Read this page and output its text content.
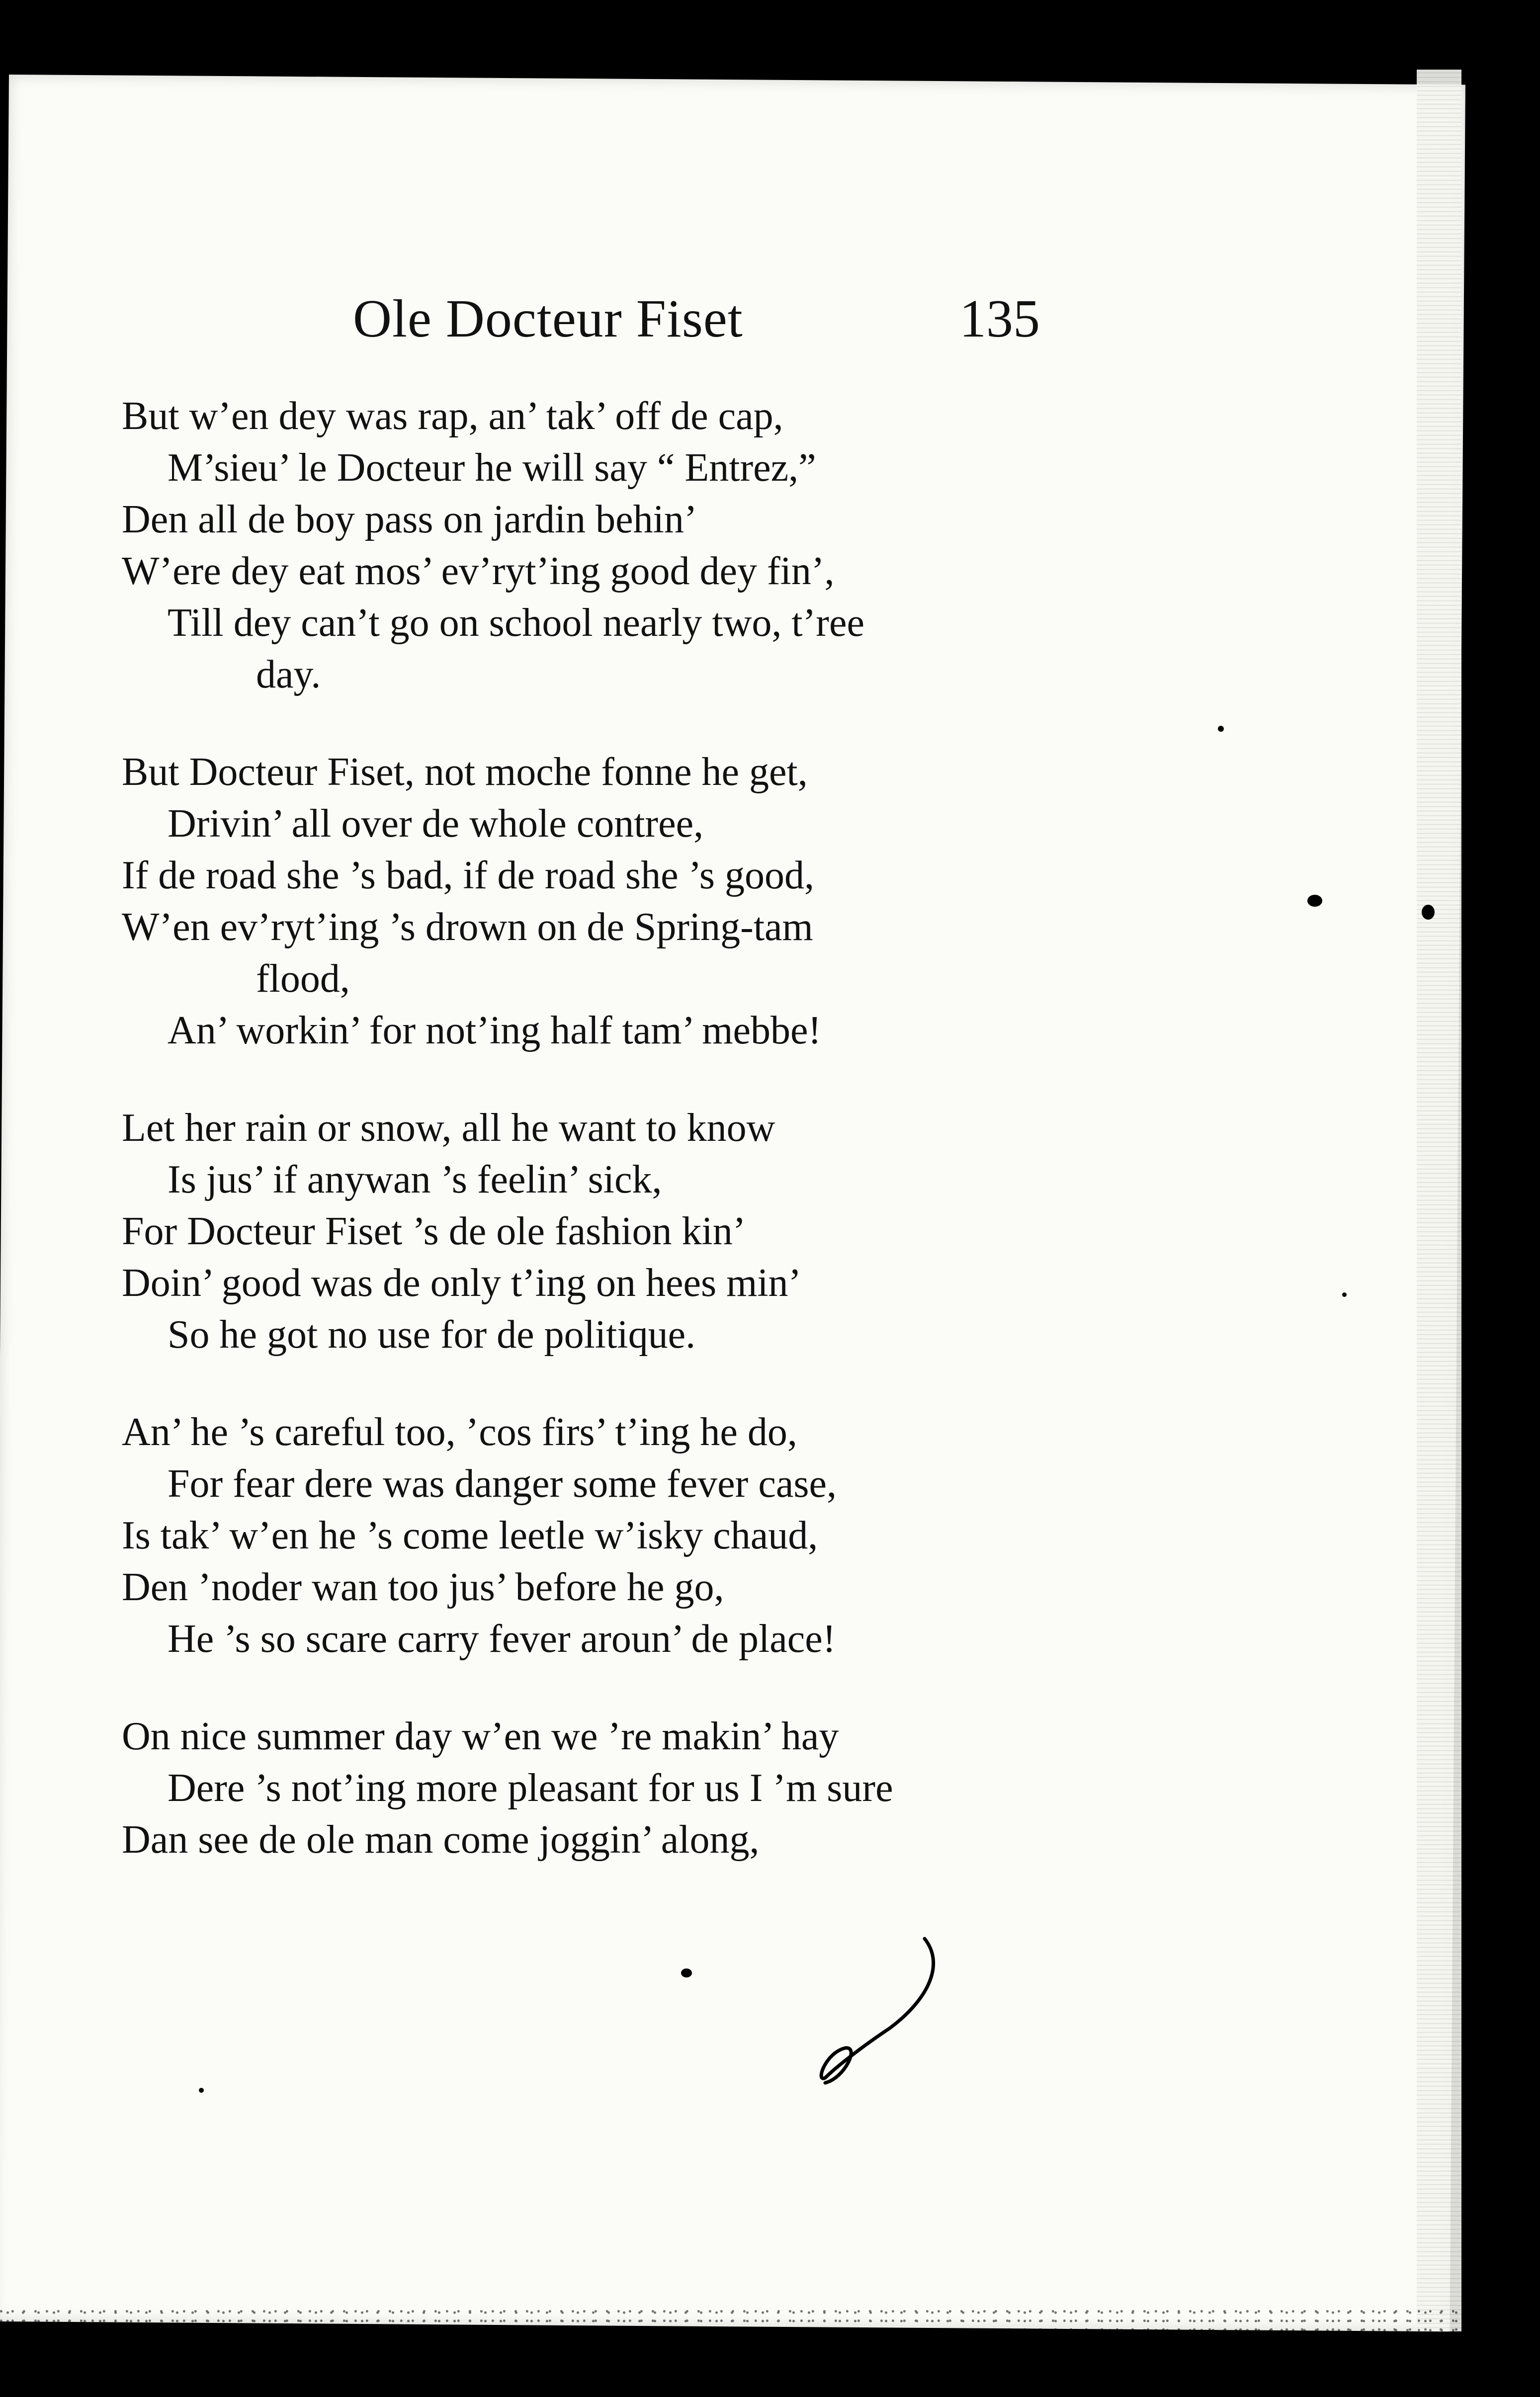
Ole Docteur Fiset	135
But w’en dey was rap, an’ tak’ off de cap,
M’sieu’ le Docteur he will say “ Entrez,”
Den all de boy pass on jardin behin’
W’ere dey eat mos’ ev’ryt’ing good dey fin’,
Till dey can’t go on school nearly two, t’ree
day.
But Docteur Fiset, not moche fonne he get,
Drivin’ all over de whole contree,
If de road she ’s bad, if de road she ’s good,
W’en ev’ryt’ing ’s drown on de Spring-tam
flood,
An’ workin’ for not’ing half tam’ mebbe!
Let her rain or snow, all he want to know
Is jus’ if anywan ’s feelin’ sick,
For Docteur Fiset ’s de ole fashion kin’
Doin’ good was de only t’ing on hees min’
So he got no use for de politique.
An’ he ’s careful too, ’cos firs’ t’ing he do,
For fear dere was danger some fever case,
Is tak’ w’en he ’s come leetle w’isky chaud,
Den ’noder wan too jus’ before he go,
He ’s so scare carry fever aroun’ de place!
On nice summer day w’en we ’re makin’ hay
Dere ’s not’ing more pleasant for us I ’m sure
Dan see de ole man come joggin’ along,
